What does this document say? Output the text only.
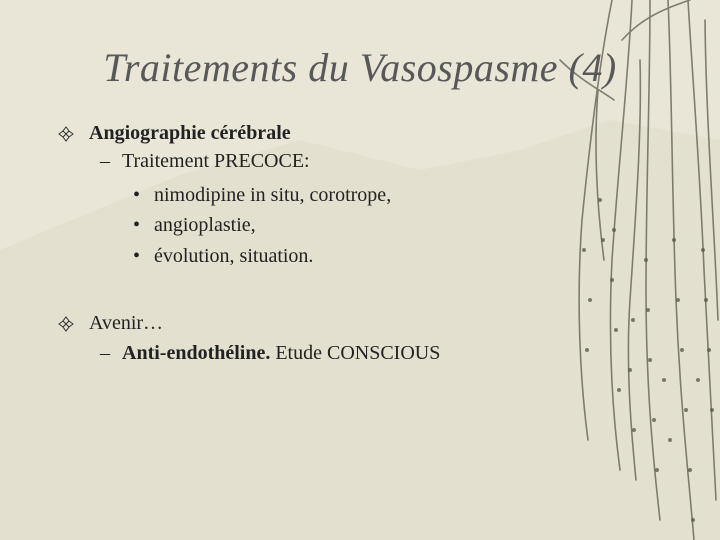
Traitements du Vasospasme (4)
Angiographie cérébrale
– Traitement PRECOCE:
• nimodipine in situ, corotrope,
• angioplastie,
• évolution, situation.
Avenir…
– Anti-endothéline. Etude CONSCIOUS
